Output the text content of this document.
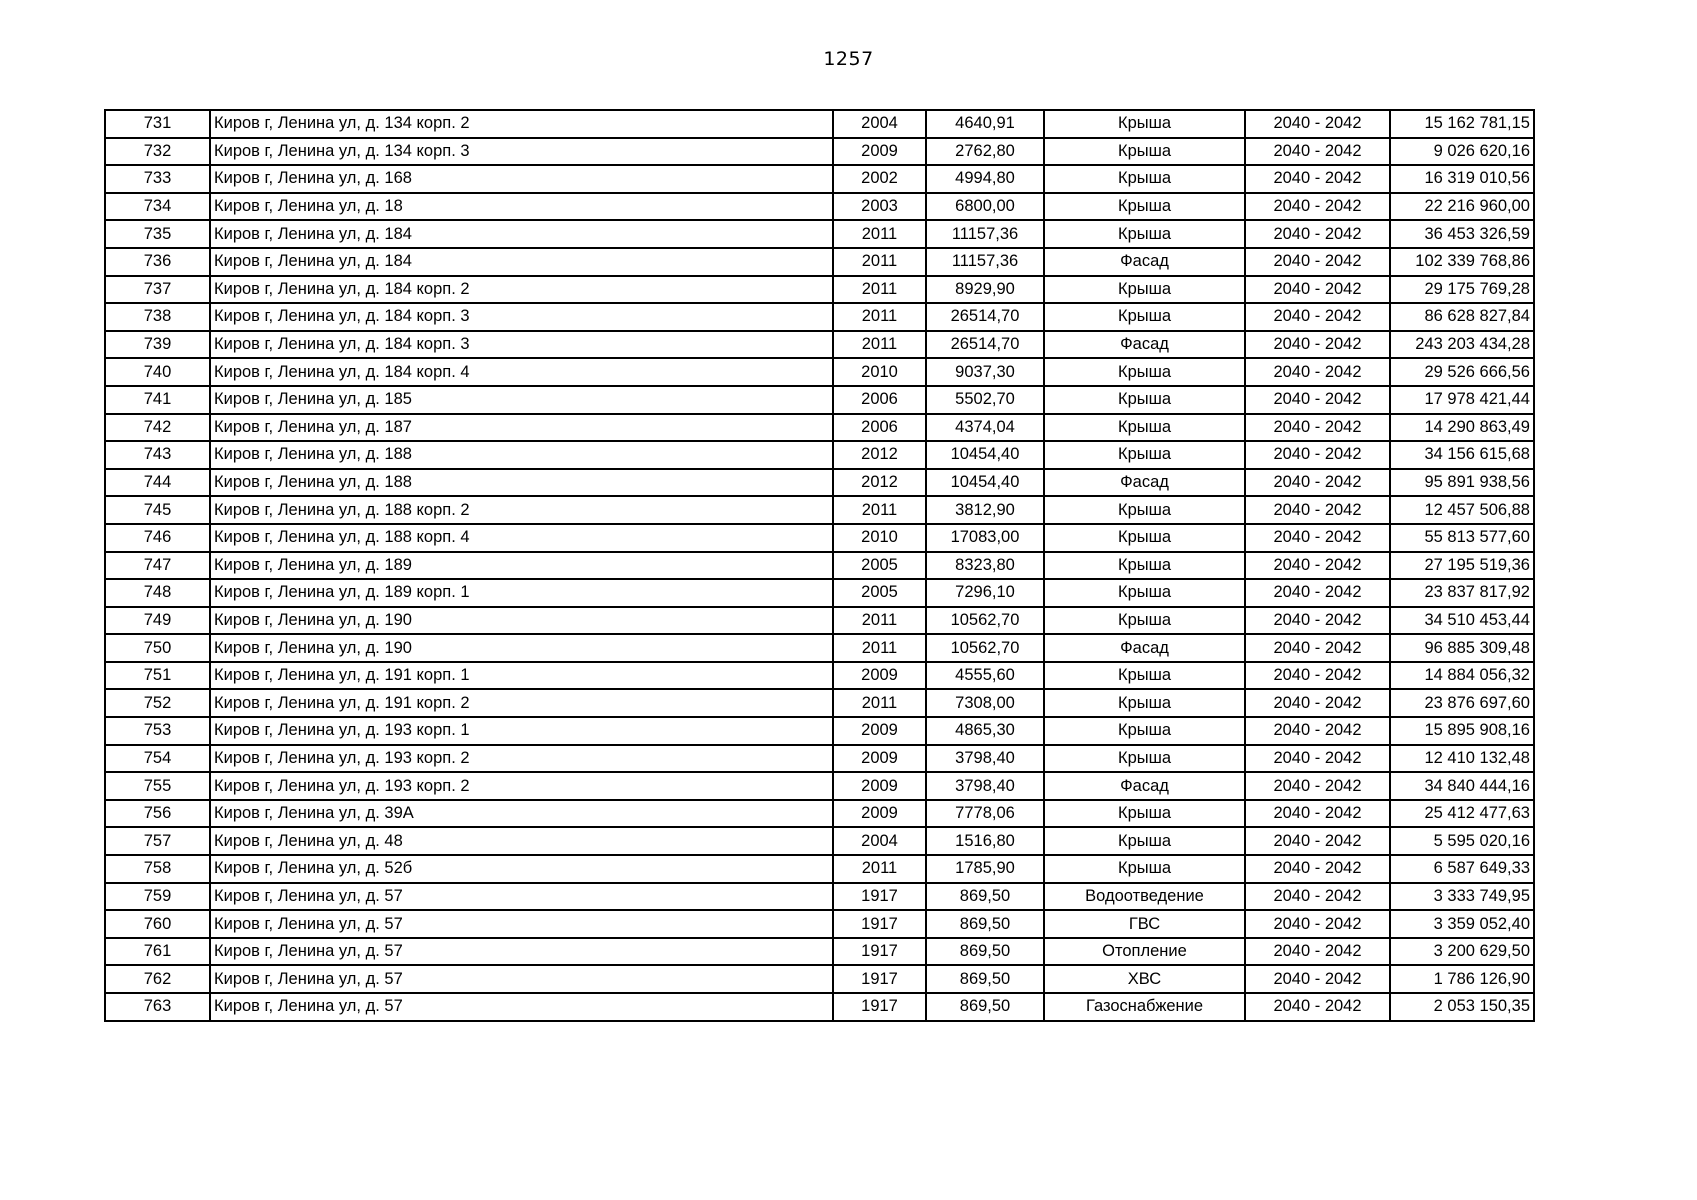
1257
731	Киров г, Ленина ул, д. 134 корп. 2	2004	4640,91	Крыша	2040 - 2042	15 162 781,15
732	Киров г, Ленина ул, д. 134 корп. 3	2009	2762,80	Крыша	2040 - 2042	9 026 620,16
733	Киров г, Ленина ул, д. 168	2002	4994,80	Крыша	2040 - 2042	16 319 010,56
734	Киров г, Ленина ул, д. 18	2003	6800,00	Крыша	2040 - 2042	22 216 960,00
735	Киров г, Ленина ул, д. 184	2011	11157,36	Крыша	2040 - 2042	36 453 326,59
736	Киров г, Ленина ул, д. 184	2011	11157,36	Фасад	2040 - 2042	102 339 768,86
737	Киров г, Ленина ул, д. 184 корп. 2	2011	8929,90	Крыша	2040 - 2042	29 175 769,28
738	Киров г, Ленина ул, д. 184 корп. 3	2011	26514,70	Крыша	2040 - 2042	86 628 827,84
739	Киров г, Ленина ул, д. 184 корп. 3	2011	26514,70	Фасад	2040 - 2042	243 203 434,28
740	Киров г, Ленина ул, д. 184 корп. 4	2010	9037,30	Крыша	2040 - 2042	29 526 666,56
741	Киров г, Ленина ул, д. 185	2006	5502,70	Крыша	2040 - 2042	17 978 421,44
742	Киров г, Ленина ул, д. 187	2006	4374,04	Крыша	2040 - 2042	14 290 863,49
743	Киров г, Ленина ул, д. 188	2012	10454,40	Крыша	2040 - 2042	34 156 615,68
744	Киров г, Ленина ул, д. 188	2012	10454,40	Фасад	2040 - 2042	95 891 938,56
745	Киров г, Ленина ул, д. 188 корп. 2	2011	3812,90	Крыша	2040 - 2042	12 457 506,88
746	Киров г, Ленина ул, д. 188 корп. 4	2010	17083,00	Крыша	2040 - 2042	55 813 577,60
747	Киров г, Ленина ул, д. 189	2005	8323,80	Крыша	2040 - 2042	27 195 519,36
748	Киров г, Ленина ул, д. 189 корп. 1	2005	7296,10	Крыша	2040 - 2042	23 837 817,92
749	Киров г, Ленина ул, д. 190	2011	10562,70	Крыша	2040 - 2042	34 510 453,44
750	Киров г, Ленина ул, д. 190	2011	10562,70	Фасад	2040 - 2042	96 885 309,48
751	Киров г, Ленина ул, д. 191 корп. 1	2009	4555,60	Крыша	2040 - 2042	14 884 056,32
752	Киров г, Ленина ул, д. 191 корп. 2	2011	7308,00	Крыша	2040 - 2042	23 876 697,60
753	Киров г, Ленина ул, д. 193 корп. 1	2009	4865,30	Крыша	2040 - 2042	15 895 908,16
754	Киров г, Ленина ул, д. 193 корп. 2	2009	3798,40	Крыша	2040 - 2042	12 410 132,48
755	Киров г, Ленина ул, д. 193 корп. 2	2009	3798,40	Фасад	2040 - 2042	34 840 444,16
756	Киров г, Ленина ул, д. 39А	2009	7778,06	Крыша	2040 - 2042	25 412 477,63
757	Киров г, Ленина ул, д. 48	2004	1516,80	Крыша	2040 - 2042	5 595 020,16
758	Киров г, Ленина ул, д. 52б	2011	1785,90	Крыша	2040 - 2042	6 587 649,33
759	Киров г, Ленина ул, д. 57	1917	869,50	Водоотведение	2040 - 2042	3 333 749,95
760	Киров г, Ленина ул, д. 57	1917	869,50	ГВС	2040 - 2042	3 359 052,40
761	Киров г, Ленина ул, д. 57	1917	869,50	Отопление	2040 - 2042	3 200 629,50
762	Киров г, Ленина ул, д. 57	1917	869,50	ХВС	2040 - 2042	1 786 126,90
763	Киров г, Ленина ул, д. 57	1917	869,50	Газоснабжение	2040 - 2042	2 053 150,35
